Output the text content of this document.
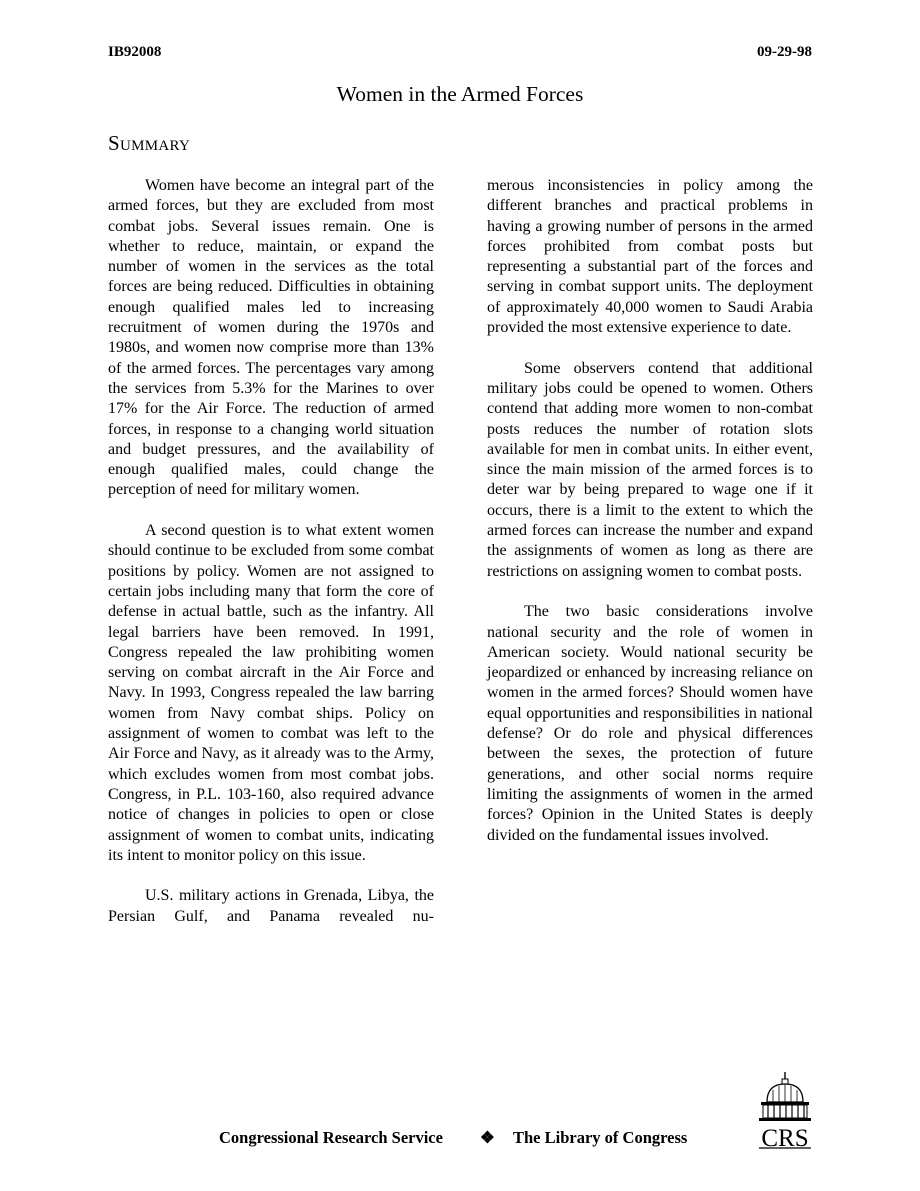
IB92008	09-29-98
Women in the Armed Forces
Summary

Women have become an integral part of the armed forces, but they are excluded from most combat jobs. Several issues remain. One is whether to reduce, maintain, or expand the number of women in the services as the total forces are being reduced. Difficulties in obtaining enough qualified males led to increasing recruitment of women during the 1970s and 1980s, and women now comprise more than 13% of the armed forces. The percentages vary among the services from 5.3% for the Marines to over 17% for the Air Force. The reduction of armed forces, in response to a changing world situation and budget pressures, and the availability of enough qualified males, could change the perception of need for military women.

A second question is to what extent women should continue to be excluded from some combat positions by policy. Women are not assigned to certain jobs including many that form the core of defense in actual battle, such as the infantry. All legal barriers have been removed. In 1991, Congress repealed the law prohibiting women serving on combat aircraft in the Air Force and Navy. In 1993, Congress repealed the law barring women from Navy combat ships. Policy on assignment of women to combat was left to the Air Force and Navy, as it already was to the Army, which excludes women from most combat jobs. Congress, in P.L. 103-160, also required advance notice of changes in policies to open or close assignment of women to combat units, indicating its intent to monitor policy on this issue.

U.S. military actions in Grenada, Libya, the Persian Gulf, and Panama revealed nu-

merous inconsistencies in policy among the different branches and practical problems in having a growing number of persons in the armed forces prohibited from combat posts but representing a substantial part of the forces and serving in combat support units. The deployment of approximately 40,000 women to Saudi Arabia provided the most extensive experience to date.

Some observers contend that additional military jobs could be opened to women. Others contend that adding more women to non-combat posts reduces the number of rotation slots available for men in combat units. In either event, since the main mission of the armed forces is to deter war by being prepared to wage one if it occurs, there is a limit to the extent to which the armed forces can increase the number and expand the assignments of women as long as there are restrictions on assigning women to combat posts.

The two basic considerations involve national security and the role of women in American society. Would national security be jeopardized or enhanced by increasing reliance on women in the armed forces? Should women have equal opportunities and responsibilities in national defense? Or do role and physical differences between the sexes, the protection of future generations, and other social norms require limiting the assignments of women in the armed forces? Opinion in the United States is deeply divided on the fundamental issues involved.

Congressional Research Service ❖ The Library of Congress	CRS
